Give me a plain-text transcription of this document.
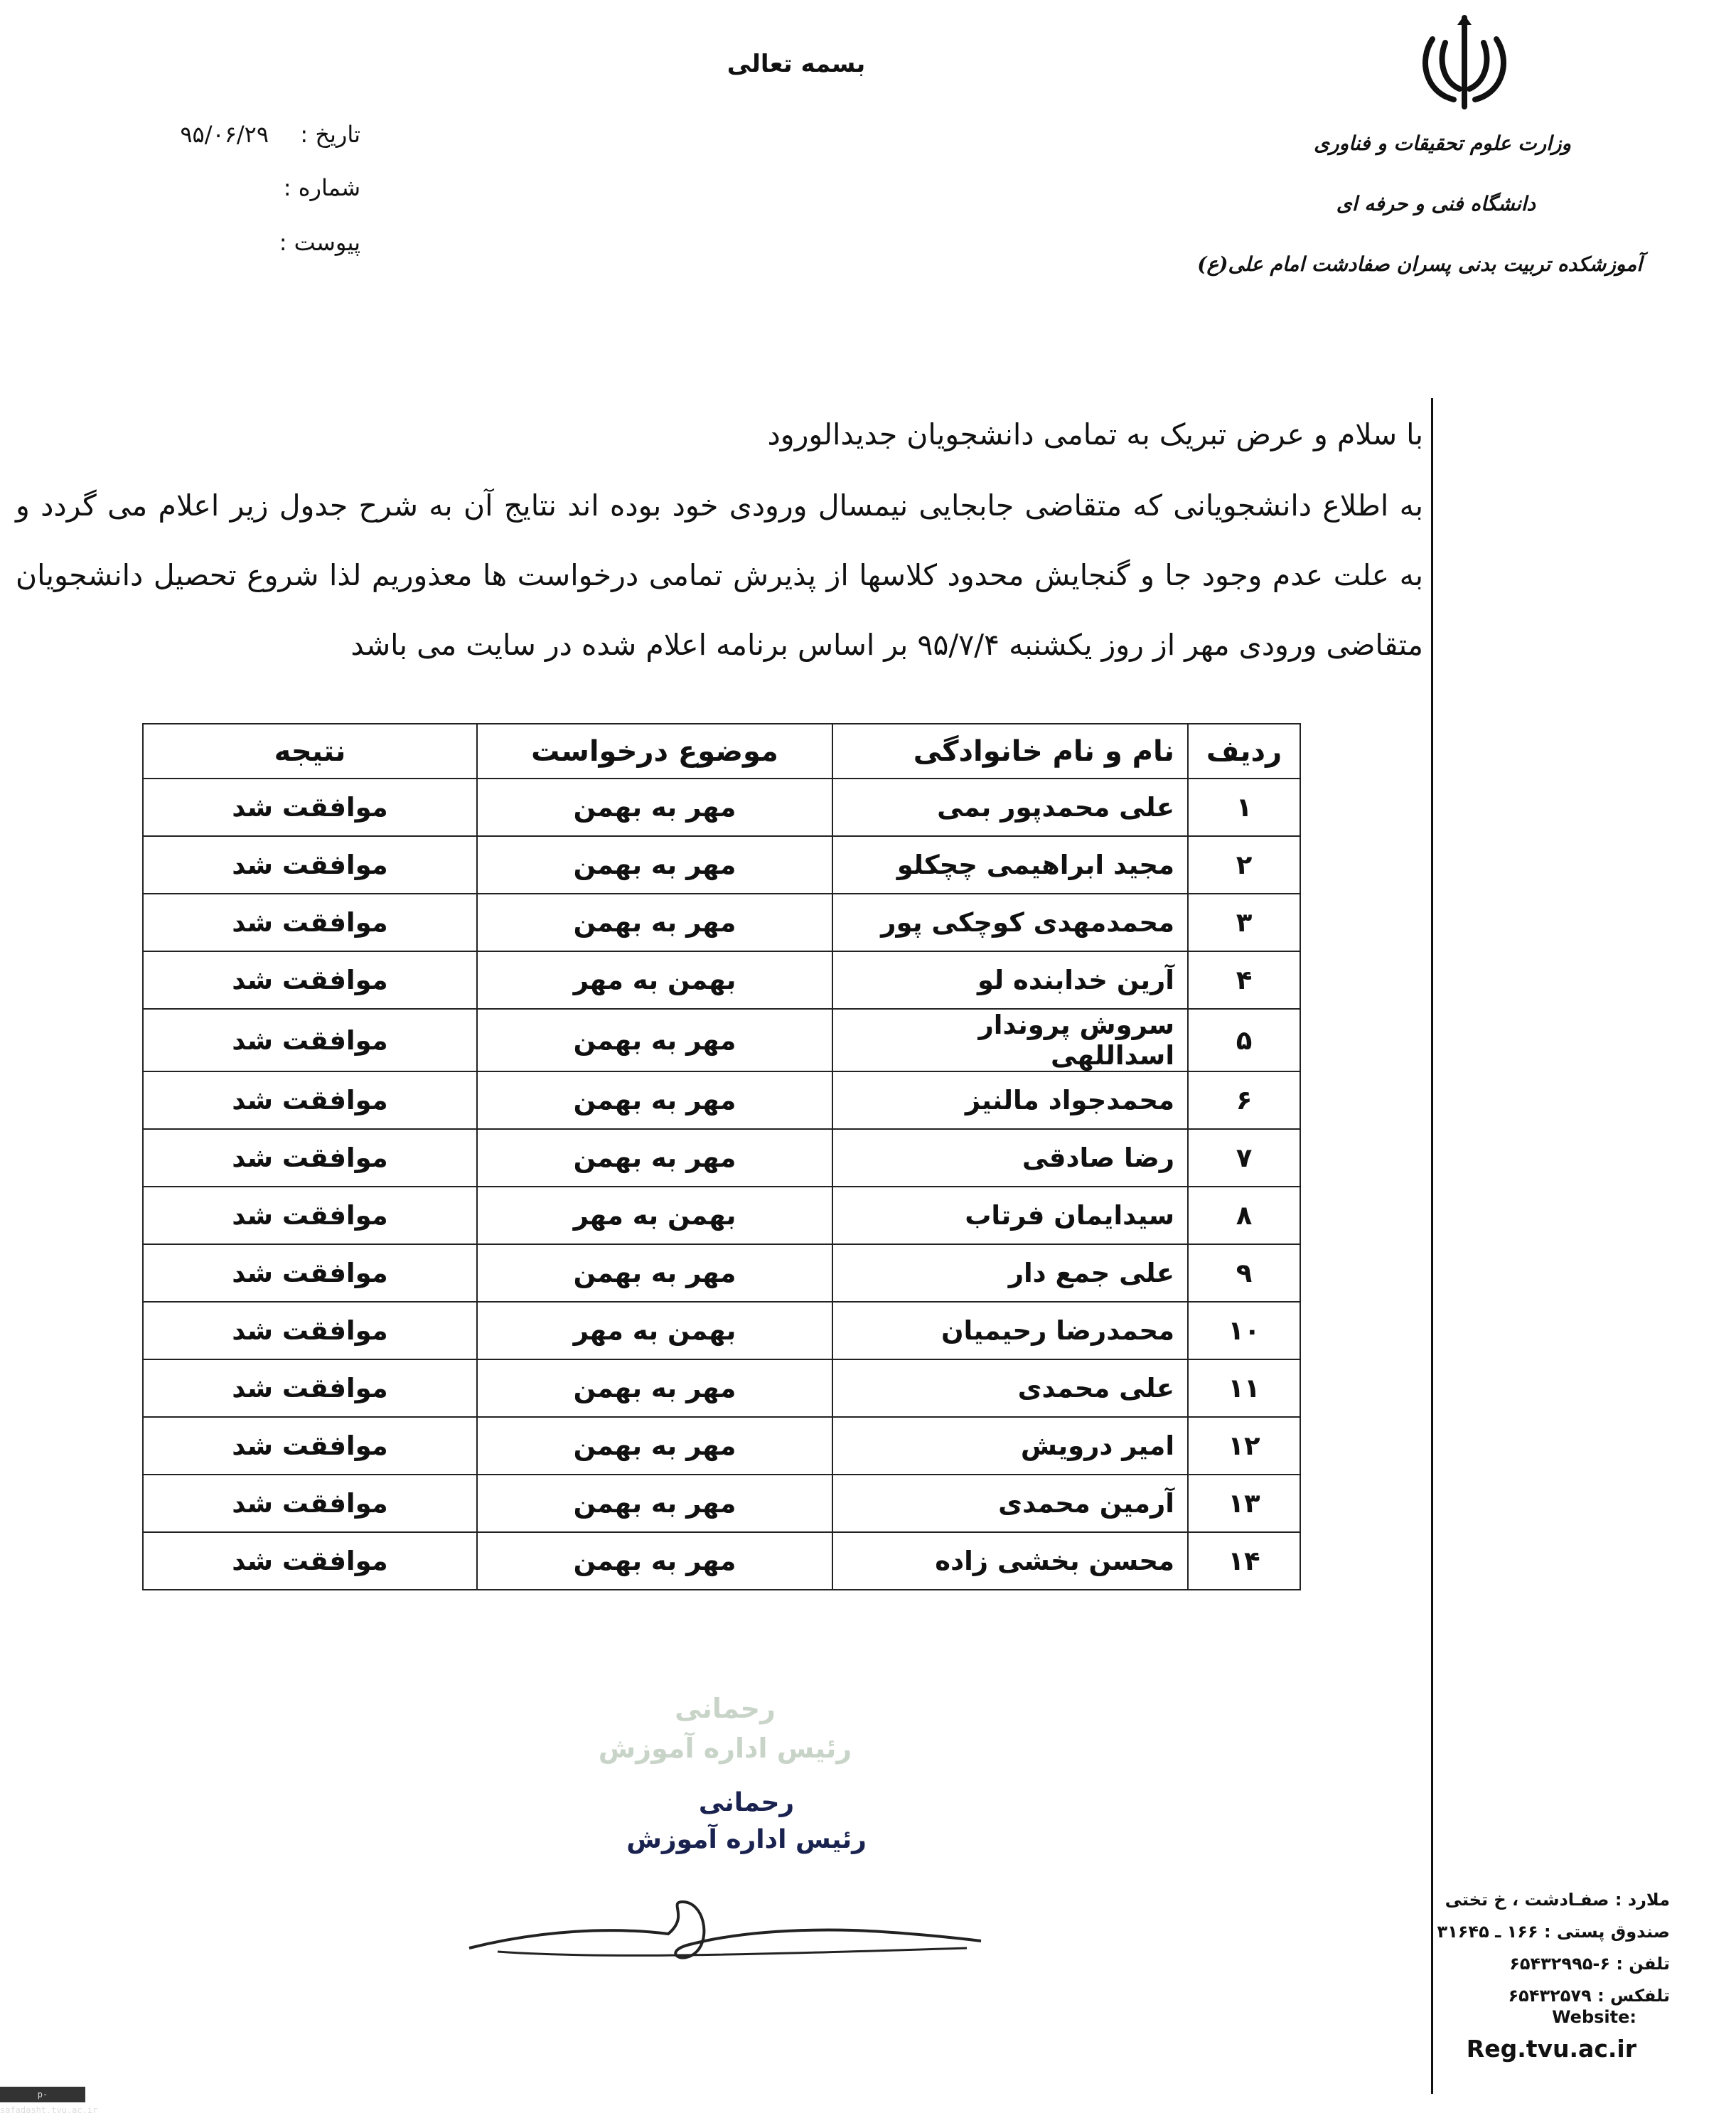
بسمه تعالی
وزارت علوم تحقیقات و فناوری
دانشگاه فنی و حرفه ای
آموزشکده تربیت بدنی پسران صفادشت امام علی(ع)
تاریخ :  ۹۵/۰۶/۲۹
شماره :
پیوست :
با سلام و عرض تبریک به تمامی دانشجویان جدیدالورود
به اطلاع دانشجویانی که متقاضی جابجایی نیمسال ورودی خود بوده اند نتایج آن به شرح جدول زیر اعلام می گردد و به علت عدم وجود جا و گنجایش محدود کلاسها از پذیرش تمامی درخواست ها معذوریم لذا شروع تحصیل دانشجویان متقاضی ورودی مهر از روز یکشنبه ۹۵/۷/۴ بر اساس برنامه اعلام شده در سایت می باشد
ردیف	نام و نام خانوادگی	موضوع درخواست	نتیجه
۱	علی محمدپور بمی	مهر به بهمن	موافقت شد
۲	مجید ابراهیمی چچکلو	مهر به بهمن	موافقت شد
۳	محمدمهدی کوچکی پور	مهر به بهمن	موافقت شد
۴	آرین خدابنده لو	بهمن به مهر	موافقت شد
۵	سروش پروندار اسداللهی	مهر به بهمن	موافقت شد
۶	محمدجواد مالنیز	مهر به بهمن	موافقت شد
۷	رضا صادقی	مهر به بهمن	موافقت شد
۸	سیدایمان فرتاب	بهمن به مهر	موافقت شد
۹	علی جمع دار	مهر به بهمن	موافقت شد
۱۰	محمدرضا رحیمیان	بهمن به مهر	موافقت شد
۱۱	علی محمدی	مهر به بهمن	موافقت شد
۱۲	امیر درویش	مهر به بهمن	موافقت شد
۱۳	آرمین محمدی	مهر به بهمن	موافقت شد
۱۴	محسن بخشی زاده	مهر به بهمن	موافقت شد
رحمانی
رئیس اداره آموزش
رحمانی
رئیس اداره آموزش
ملارد : صفـادشت ، خ تختی
صندوق پستی : ۱۶۶ ـ ۳۱۶۴۵
تلفن : ۶-۶۵۴۳۲۹۹۵
تلفکس : ۶۵۴۳۲۵۷۹
Website:
Reg.tvu.ac.ir
p-safadasht.tvu.ac.ir
